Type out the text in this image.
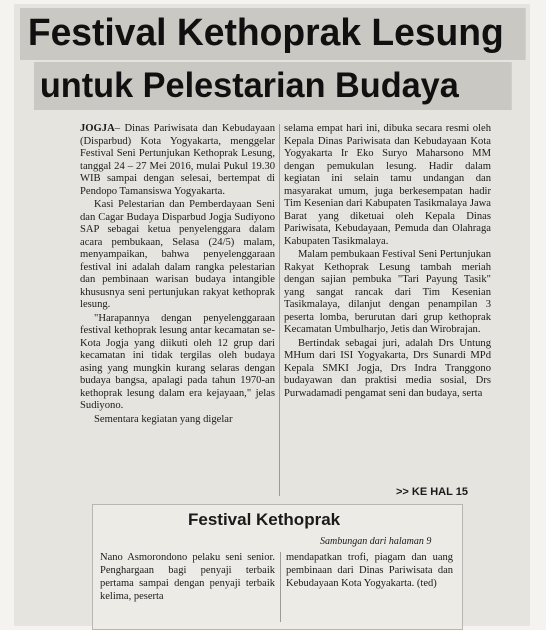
Festival Kethoprak Lesung
untuk Pelestarian Budaya

JOGJA– Dinas Pariwisata dan Kebudayaan (Disparbud) Kota Yogyakarta, menggelar Festival Seni Pertunjukan Kethoprak Lesung, tanggal 24 – 27 Mei 2016, mulai Pukul 19.30 WIB sampai dengan selesai, bertempat di Pendopo Tamansiswa Yogyakarta.

Kasi Pelestarian dan Pemberdayaan Seni dan Cagar Budaya Disparbud Jogja Sudiyono SAP sebagai ketua penyelenggara dalam acara pembukaan, Selasa (24/5) malam, menyampaikan, bahwa penyelenggaraan festival ini adalah dalam rangka pelestarian dan pembinaan warisan budaya intangible khususnya seni pertunjukan rakyat kethoprak lesung.

"Harapannya dengan penyelenggaraan festival kethoprak lesung antar kecamatan se-Kota Jogja yang diikuti oleh 12 grup dari kecamatan ini tidak tergilas oleh budaya asing yang mungkin kurang selaras dengan budaya bangsa, apalagi pada tahun 1970-an kethoprak lesung dalam era kejayaan," jelas Sudiyono.

Sementara kegiatan yang digelar

selama empat hari ini, dibuka secara resmi oleh Kepala Dinas Pariwisata dan Kebudayaan Kota Yogyakarta Ir Eko Suryo Maharsono MM dengan pemukulan lesung. Hadir dalam kegiatan ini selain tamu undangan dan masyarakat umum, juga berkesempatan hadir Tim Kesenian dari Kabupaten Tasikmalaya Jawa Barat yang diketuai oleh Kepala Dinas Pariwisata, Kebudayaan, Pemuda dan Olahraga Kabupaten Tasikmalaya.

Malam pembukaan Festival Seni Pertunjukan Rakyat Kethoprak Lesung tambah meriah dengan sajian pembuka "Tari Payung Tasik" yang sangat rancak dari Tim Kesenian Tasikmalaya, dilanjut dengan penampilan 3 peserta lomba, berurutan dari grup kethoprak Kecamatan Umbulharjo, Jetis dan Wirobrajan.

Bertindak sebagai juri, adalah Drs Untung MHum dari ISI Yogyakarta, Drs Sunardi MPd Kepala SMKI Jogja, Drs Indra Tranggono budayawan dan praktisi media sosial, Drs Purwadamadi pengamat seni dan budaya, serta

>> KE HAL 15
Festival Kethoprak
Sambungan dari halaman 9

Nano Asmorondono pelaku seni senior. Penghargaan bagi penyaji terbaik pertama sampai dengan penyaji terbaik kelima, peserta

mendapatkan trofi, piagam dan uang pembinaan dari Dinas Pariwisata dan Kebudayaan Kota Yogyakarta. (ted)
